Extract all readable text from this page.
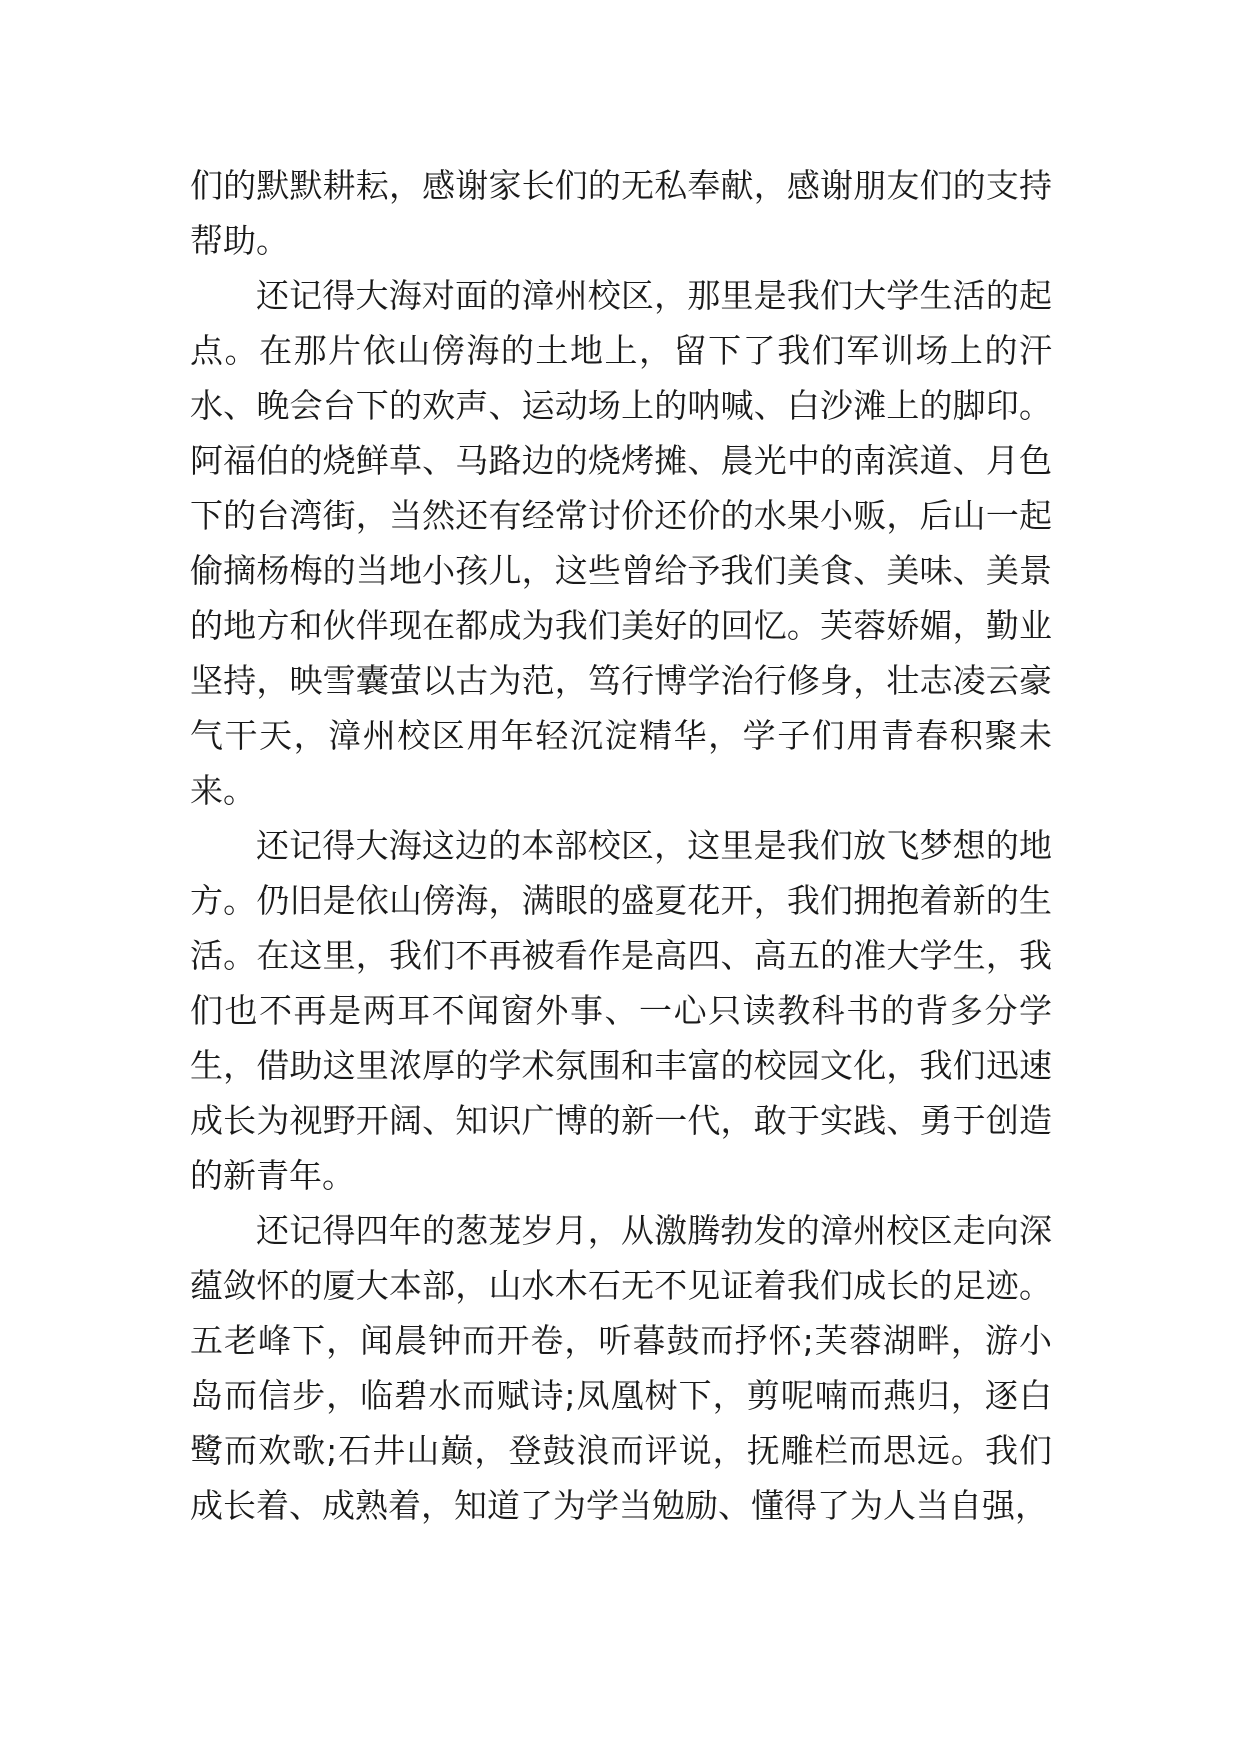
们的默默耕耘，感谢家长们的无私奉献，感谢朋友们的支持帮助。

还记得大海对面的漳州校区，那里是我们大学生活的起点。在那片依山傍海的土地上，留下了我们军训场上的汗水、晚会台下的欢声、运动场上的呐喊、白沙滩上的脚印。阿福伯的烧鲜草、马路边的烧烤摊、晨光中的南滨道、月色下的台湾街，当然还有经常讨价还价的水果小贩，后山一起偷摘杨梅的当地小孩儿，这些曾给予我们美食、美味、美景的地方和伙伴现在都成为我们美好的回忆。芙蓉娇媚，勤业坚持，映雪囊萤以古为范，笃行博学治行修身，壮志凌云豪气干天，漳州校区用年轻沉淀精华，学子们用青春积聚未来。

还记得大海这边的本部校区，这里是我们放飞梦想的地方。仍旧是依山傍海，满眼的盛夏花开，我们拥抱着新的生活。在这里，我们不再被看作是高四、高五的准大学生，我们也不再是两耳不闻窗外事、一心只读教科书的背多分学生，借助这里浓厚的学术氛围和丰富的校园文化，我们迅速成长为视野开阔、知识广博的新一代，敢于实践、勇于创造的新青年。

还记得四年的葱茏岁月，从激腾勃发的漳州校区走向深蕴敛怀的厦大本部，山水木石无不见证着我们成长的足迹。五老峰下，闻晨钟而开卷，听暮鼓而抒怀;芙蓉湖畔，游小岛而信步，临碧水而赋诗;凤凰树下，剪呢喃而燕归，逐白鹭而欢歌;石井山巅，登鼓浪而评说，抚雕栏而思远。我们成长着、成熟着，知道了为学当勉励、懂得了为人当自强，
